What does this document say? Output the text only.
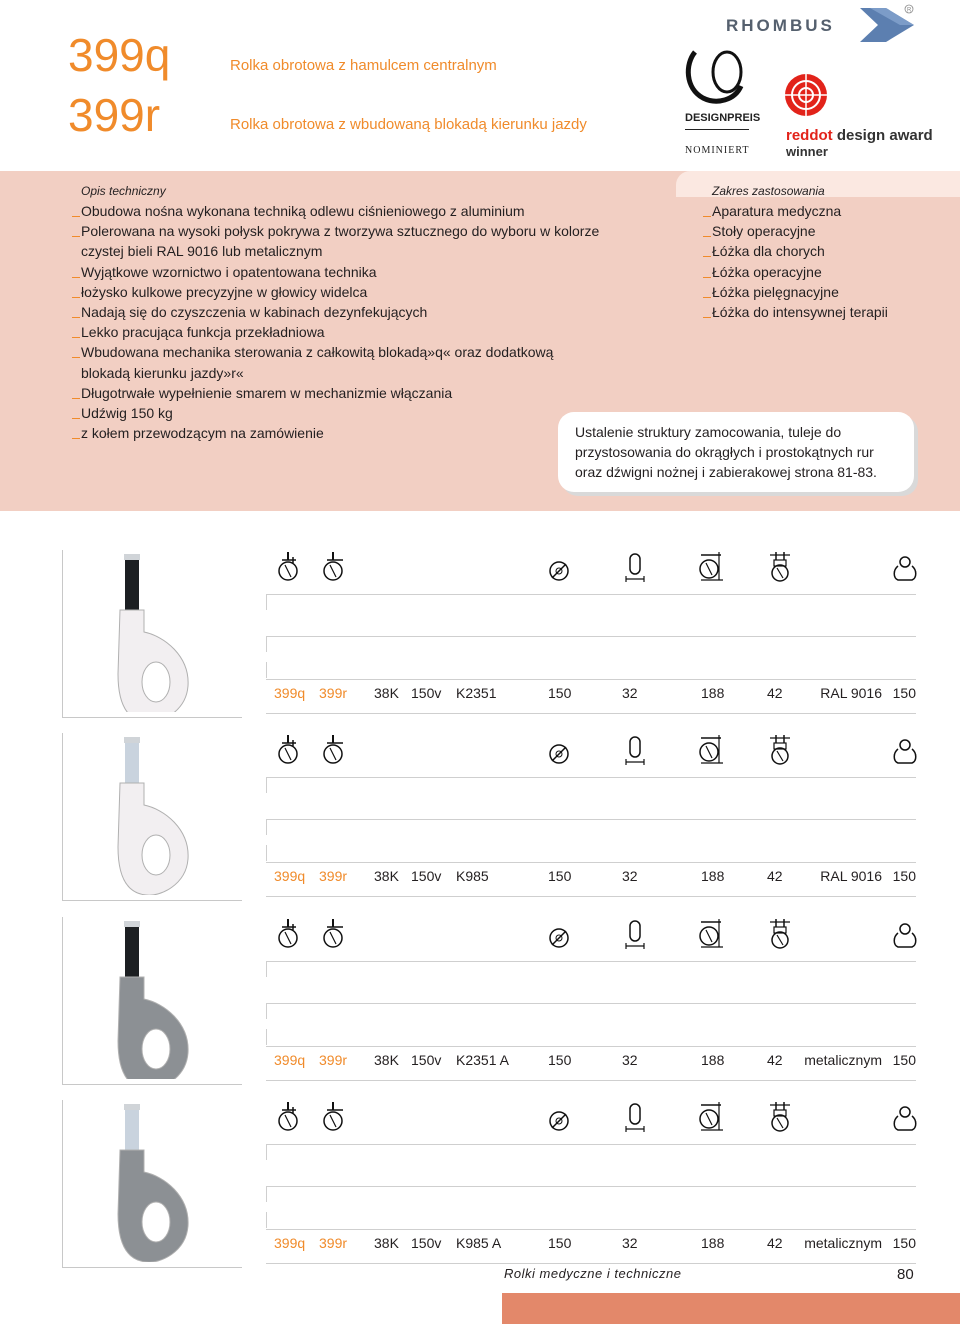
399q
399r
Rolka obrotowa z hamulcem centralnym
Rolka obrotowa z wbudowaną blokadą kierunku jazdy
RHOMBUS
R
DESIGNPREIS
NOMINIERT
reddot design award
winner
Opis techniczny
Obudowa nośna wykonana techniką odlewu ciśnieniowego z aluminium
Polerowana na wysoki połysk pokrywa z tworzywa sztucznego do wyboru w kolorze
czystej bieli RAL 9016 lub metalicznym
Wyjątkowe wzornictwo i opatentowana technika
łożysko kulkowe precyzyjne w głowicy widelca
Nadają się do czyszczenia w kabinach dezynfekujących
Lekko pracująca funkcja przekładniowa
Wbudowana mechanika sterowania z całkowitą blokadą»q« oraz dodatkową
blokadą kierunku jazdy»r«
Długotrwałe wypełnienie smarem w mechanizmie włączania
Udźwig 150 kg
z kołem przewodzącym na zamówienie
Zakres zastosowania
Aparatura medyczna
Stoły operacyjne
Łóżka dla chorych
Łóżka operacyjne
Łóżka pielęgnacyjne
Łóżka do intensywnej terapii
Ustalenie struktury zamocowania, tuleje do
przystosowania do okrągłych i prostokątnych rur
oraz dźwigni nożnej i zabierakowej strona 81-83.
399q 399r 38K 150v K2351	150	32	188	42	RAL 9016 150
399q 399r 38K 150v K985	150	32	188	42	RAL 9016 150
399q 399r 38K 150v K2351 A	150	32	188	42 metalicznym 150
399q 399r 38K 150v K985 A	150	32	188	42 metalicznym 150
Rolki medyczne i techniczne	80
